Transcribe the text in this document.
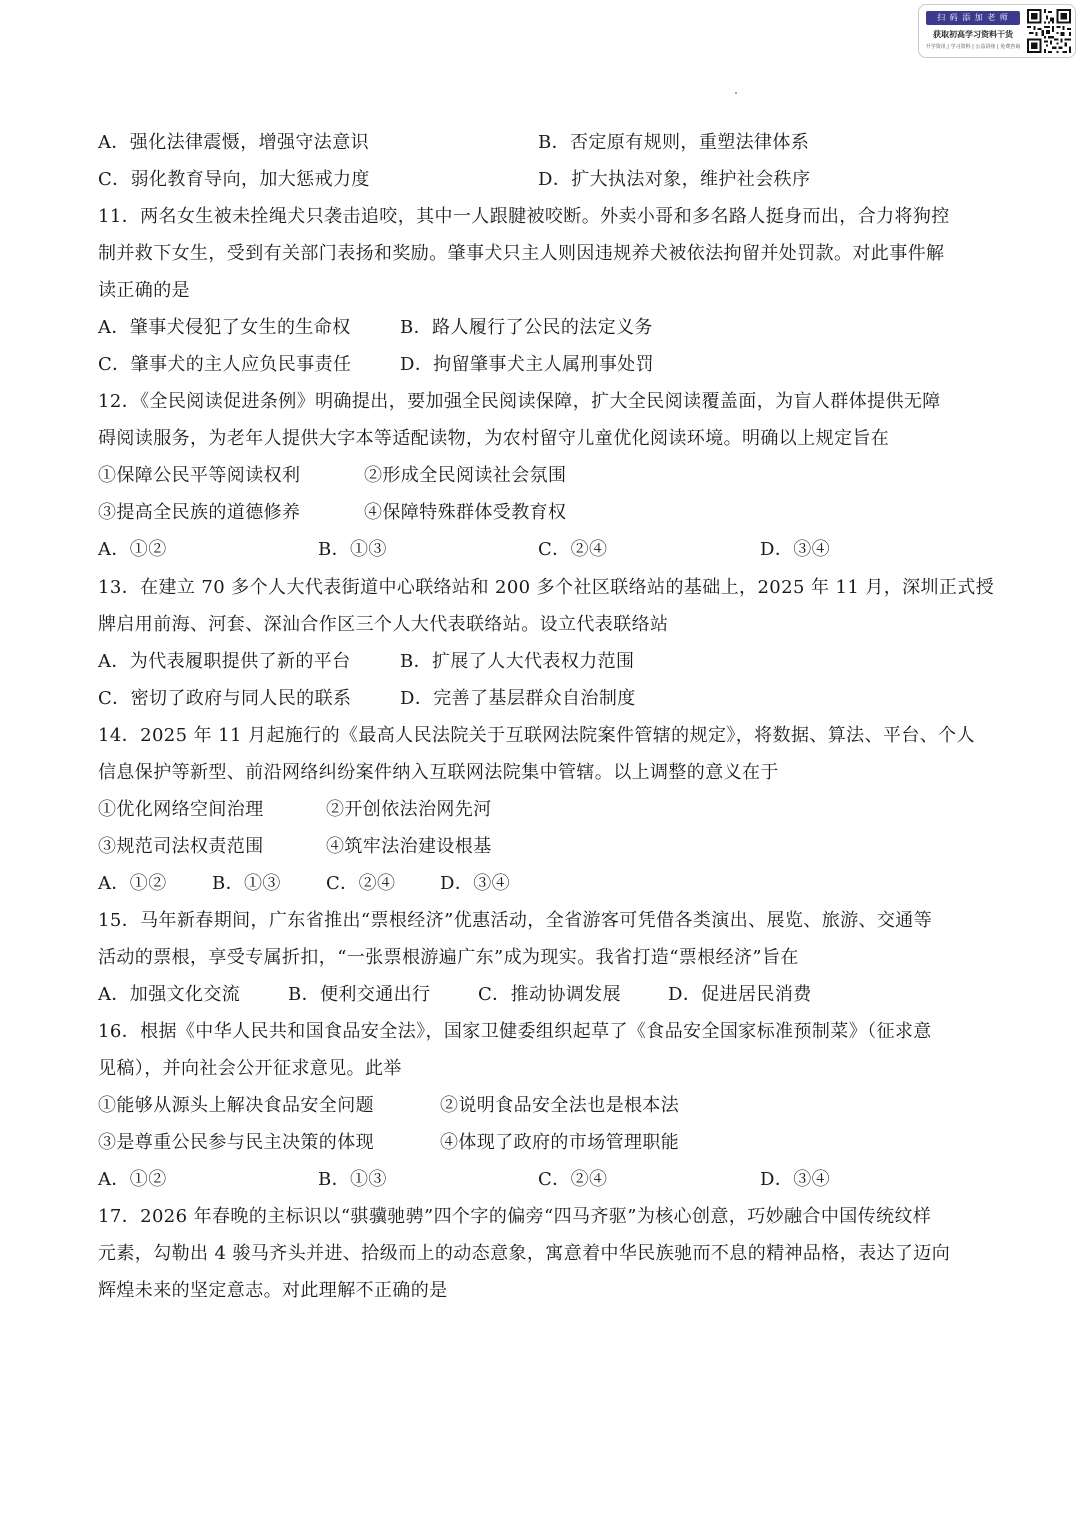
扫 码 添 加 老 师
获取初高学习资料干货
升学资讯 | 学习资料 | 公益讲座 | 免费咨询
A．强化法律震慑，增强守法意识	B．否定原有规则，重塑法律体系
C．弱化教育导向，加大惩戒力度	D．扩大执法对象，维护社会秩序
11．两名女生被未拴绳犬只袭击追咬，其中一人跟腱被咬断。外卖小哥和多名路人挺身而出，合力将狗控
制并救下女生，受到有关部门表扬和奖励。肇事犬只主人则因违规养犬被依法拘留并处罚款。对此事件解
读正确的是
A．肇事犬侵犯了女生的生命权	B．路人履行了公民的法定义务
C．肇事犬的主人应负民事责任	D．拘留肇事犬主人属刑事处罚
12．《全民阅读促进条例》明确提出，要加强全民阅读保障，扩大全民阅读覆盖面，为盲人群体提供无障
碍阅读服务，为老年人提供大字本等适配读物，为农村留守儿童优化阅读环境。明确以上规定旨在
①保障公民平等阅读权利	②形成全民阅读社会氛围
③提高全民族的道德修养	④保障特殊群体受教育权
A．①②	B．①③	C．②④	D．③④
13．在建立 70 多个人大代表街道中心联络站和 200 多个社区联络站的基础上，2025 年 11 月，深圳正式授
牌启用前海、河套、深汕合作区三个人大代表联络站。设立代表联络站
A．为代表履职提供了新的平台	B．扩展了人大代表权力范围
C．密切了政府与同人民的联系	D．完善了基层群众自治制度
14．2025 年 11 月起施行的《最高人民法院关于互联网法院案件管辖的规定》，将数据、算法、平台、个人
信息保护等新型、前沿网络纠纷案件纳入互联网法院集中管辖。以上调整的意义在于
①优化网络空间治理	②开创依法治网先河
③规范司法权责范围	④筑牢法治建设根基
A．①②	B．①③	C．②④ D．③④
15．马年新春期间，广东省推出“票根经济”优惠活动，全省游客可凭借各类演出、展览、旅游、交通等
活动的票根，享受专属折扣，“一张票根游遍广东”成为现实。我省打造“票根经济”旨在
A．加强文化交流	B．便利交通出行	C．推动协调发展	D．促进居民消费
16．根据《中华人民共和国食品安全法》，国家卫健委组织起草了《食品安全国家标准预制菜》（征求意
见稿），并向社会公开征求意见。此举
①能够从源头上解决食品安全问题	②说明食品安全法也是根本法
③是尊重公民参与民主决策的体现	④体现了政府的市场管理职能
A．①②	B．①③	C．②④	D．③④
17．2026 年春晚的主标识以“骐骥驰骋”四个字的偏旁“四马齐驱”为核心创意，巧妙融合中国传统纹样
元素，勾勒出 4 骏马齐头并进、拾级而上的动态意象，寓意着中华民族驰而不息的精神品格，表达了迈向
辉煌未来的坚定意志。对此理解不正确的是
